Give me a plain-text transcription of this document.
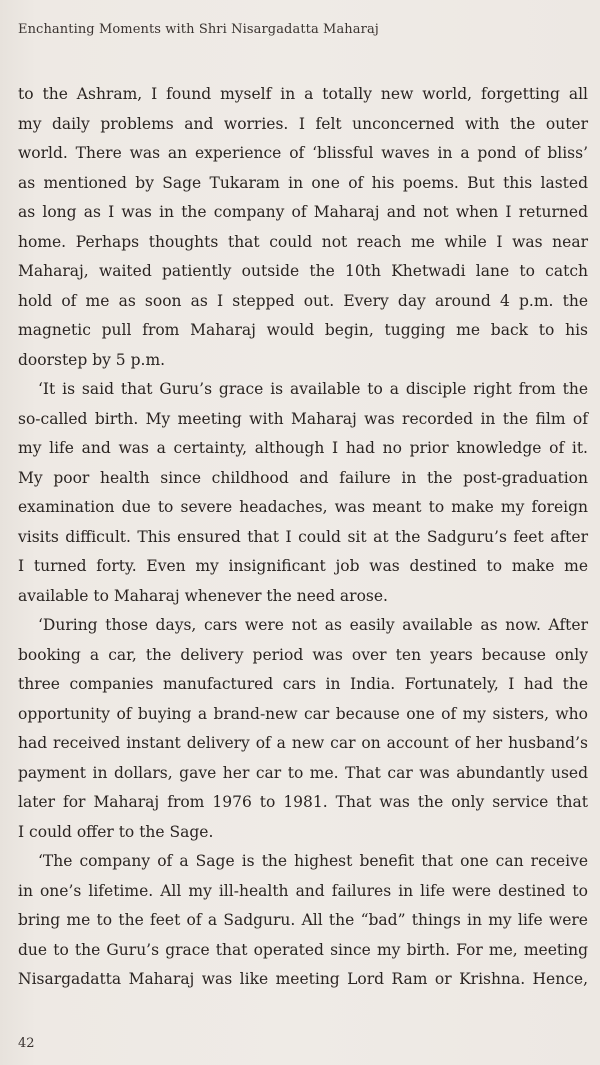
Enchanting Moments with Shri Nisargadatta Maharaj
to the Ashram, I found myself in a totally new world, forgetting all
my daily problems and worries. I felt unconcerned with the outer
world. There was an experience of ‘blissful waves in a pond of bliss’
as mentioned by Sage Tukaram in one of his poems. But this lasted
as long as I was in the company of Maharaj and not when I returned
home. Perhaps thoughts that could not reach me while I was near
Maharaj, waited patiently outside the 10th Khetwadi lane to catch
hold of me as soon as I stepped out. Every day around 4 p.m. the
magnetic pull from Maharaj would begin, tugging me back to his
doorstep by 5 p.m.
‘It is said that Guru’s grace is available to a disciple right from the
so-called birth. My meeting with Maharaj was recorded in the film of
my life and was a certainty, although I had no prior knowledge of it.
My poor health since childhood and failure in the post-graduation
examination due to severe headaches, was meant to make my foreign
visits difficult. This ensured that I could sit at the Sadguru’s feet after
I turned forty. Even my insignificant job was destined to make me
available to Maharaj whenever the need arose.
‘During those days, cars were not as easily available as now. After
booking a car, the delivery period was over ten years because only
three companies manufactured cars in India. Fortunately, I had the
opportunity of buying a brand-new car because one of my sisters, who
had received instant delivery of a new car on account of her husband’s
payment in dollars, gave her car to me. That car was abundantly used
later for Maharaj from 1976 to 1981. That was the only service that
I could offer to the Sage.
‘The company of a Sage is the highest benefit that one can receive
in one’s lifetime. All my ill-health and failures in life were destined to
bring me to the feet of a Sadguru. All the “bad” things in my life were
due to the Guru’s grace that operated since my birth. For me, meeting
Nisargadatta Maharaj was like meeting Lord Ram or Krishna. Hence,
42
